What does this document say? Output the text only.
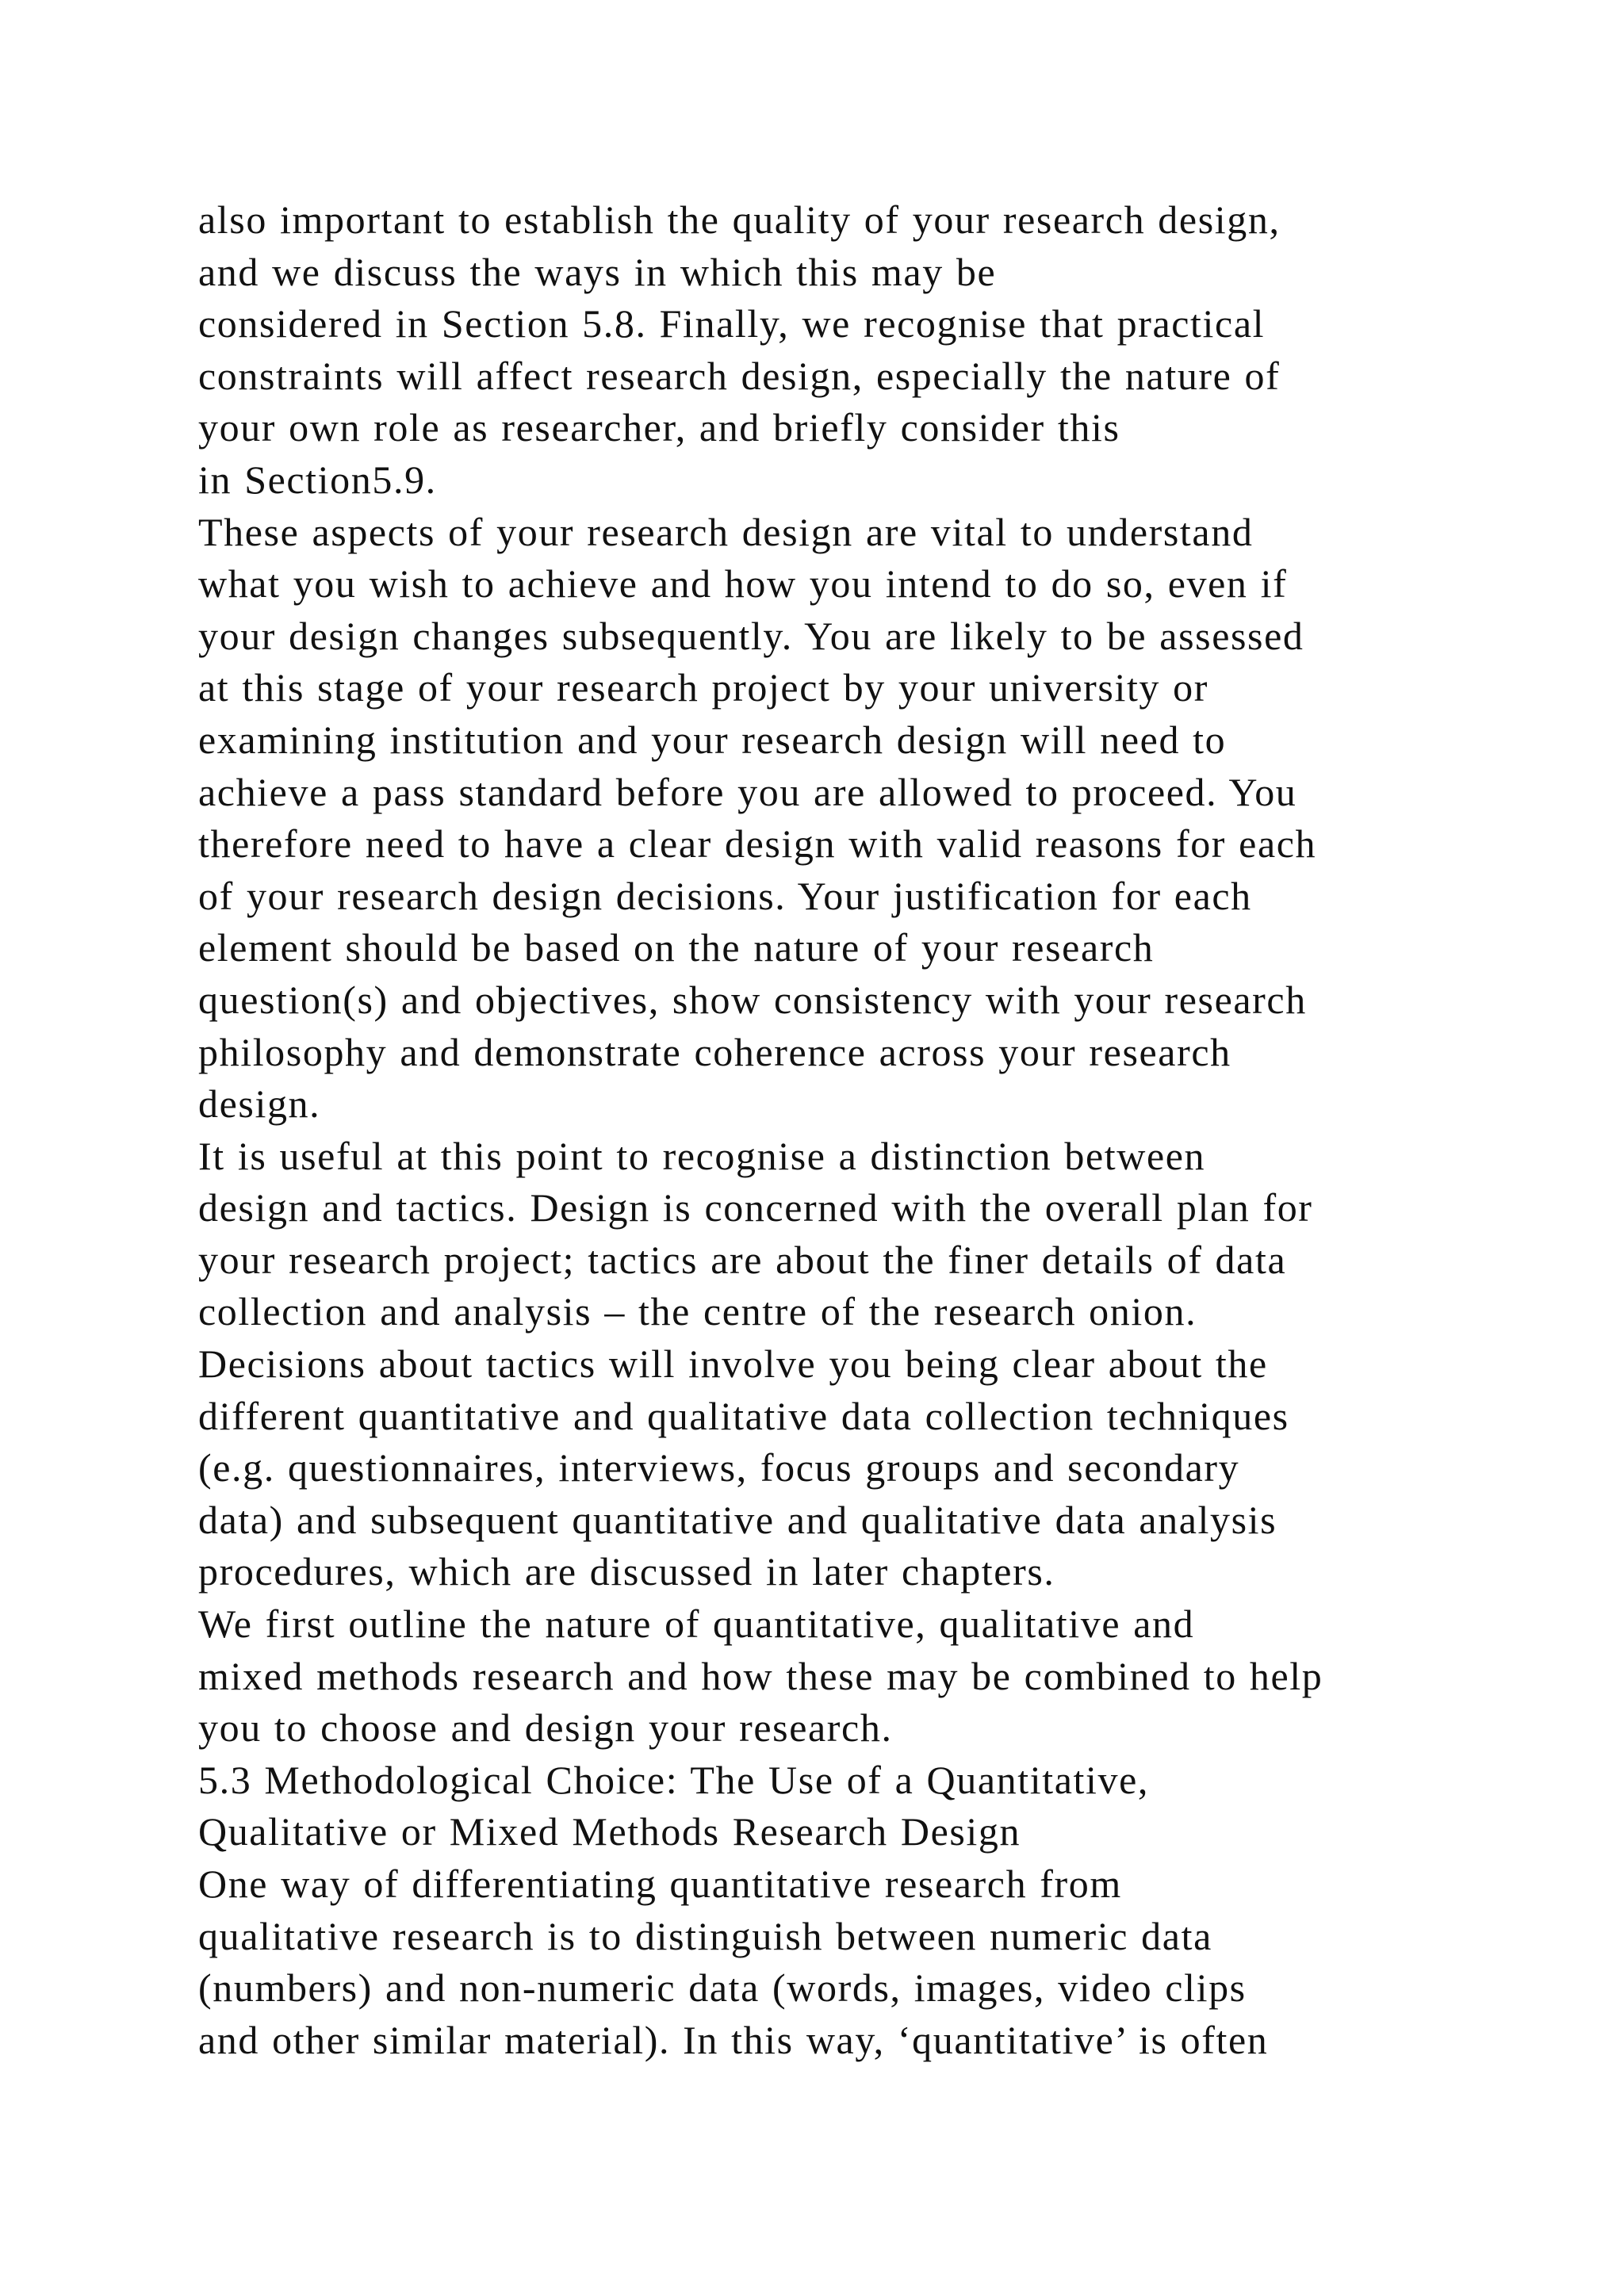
also important to establish the quality of your research design,
and we discuss the ways in which this may be
considered in Section 5.8. Finally, we recognise that practical
constraints will affect research design, especially the nature of
your own role as researcher, and briefly consider this
in Section5.9.
These aspects of your research design are vital to understand
what you wish to achieve and how you intend to do so, even if
your design changes subsequently. You are likely to be assessed
at this stage of your research project by your university or
examining institution and your research design will need to
achieve a pass standard before you are allowed to proceed. You
therefore need to have a clear design with valid reasons for each
of your research design decisions. Your justification for each
element should be based on the nature of your research
question(s) and objectives, show consistency with your research
philosophy and demonstrate coherence across your research
design.
It is useful at this point to recognise a distinction between
design and tactics. Design is concerned with the overall plan for
your research project; tactics are about the finer details of data
collection and analysis – the centre of the research onion.
Decisions about tactics will involve you being clear about the
different quantitative and qualitative data collection techniques
(e.g. questionnaires, interviews, focus groups and secondary
data) and subsequent quantitative and qualitative data analysis
procedures, which are discussed in later chapters.
We first outline the nature of quantitative, qualitative and
mixed methods research and how these may be combined to help
you to choose and design your research.
5.3 Methodological Choice: The Use of a Quantitative,
Qualitative or Mixed Methods Research Design
One way of differentiating quantitative research from
qualitative research is to distinguish between numeric data
(numbers) and non-numeric data (words, images, video clips
and other similar material). In this way, ‘quantitative’ is often
